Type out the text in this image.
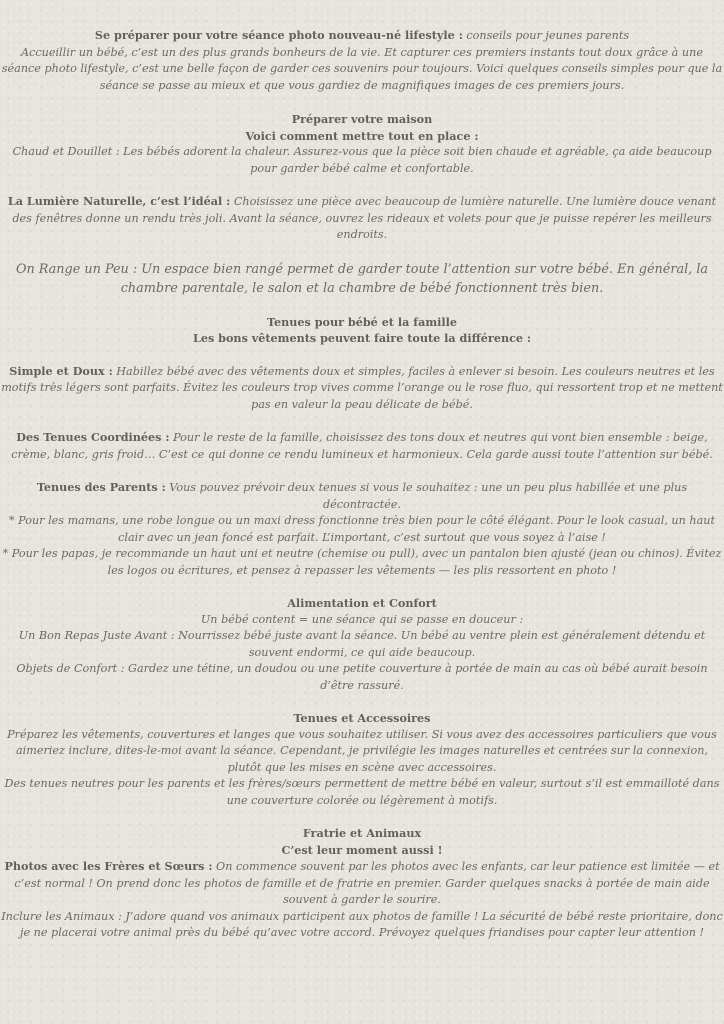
Se préparer pour votre séance photo nouveau-né lifestyle : conseils pour jeunes parents

Accueillir un bébé, c’est un des plus grands bonheurs de la vie. Et capturer ces premiers instants tout doux grâce à une séance photo lifestyle, c’est une belle façon de garder ces souvenirs pour toujours. Voici quelques conseils simples pour que la séance se passe au mieux et que vous gardiez de magnifiques images de ces premiers jours.

Préparer votre maison

Voici comment mettre tout en place :

Chaud et Douillet : Les bébés adorent la chaleur. Assurez-vous que la pièce soit bien chaude et agréable, ça aide beaucoup pour garder bébé calme et confortable.

La Lumière Naturelle, c’est l’idéal : Choisissez une pièce avec beaucoup de lumière naturelle. Une lumière douce venant des fenêtres donne un rendu très joli. Avant la séance, ouvrez les rideaux et volets pour que je puisse repérer les meilleurs endroits.

On Range un Peu : Un espace bien rangé permet de garder toute l’attention sur votre bébé. En général, la chambre parentale, le salon et la chambre de bébé fonctionnent très bien.

Tenues pour bébé et la famille

Les bons vêtements peuvent faire toute la différence :

Simple et Doux : Habillez bébé avec des vêtements doux et simples, faciles à enlever si besoin. Les couleurs neutres et les motifs très légers sont parfaits. Évitez les couleurs trop vives comme l’orange ou le rose fluo, qui ressortent trop et ne mettent pas en valeur la peau délicate de bébé.

Des Tenues Coordinées : Pour le reste de la famille, choisissez des tons doux et neutres qui vont bien ensemble : beige, crème, blanc, gris froid… C’est ce qui donne ce rendu lumineux et harmonieux. Cela garde aussi toute l’attention sur bébé.

Tenues des Parents : Vous pouvez prévoir deux tenues si vous le souhaitez : une un peu plus habillée et une plus décontractée.

* Pour les mamans, une robe longue ou un maxi dress fonctionne très bien pour le côté élégant. Pour le look casual, un haut clair avec un jean foncé est parfait. L’important, c’est surtout que vous soyez à l’aise !

* Pour les papas, je recommande un haut uni et neutre (chemise ou pull), avec un pantalon bien ajusté (jean ou chinos). Évitez les logos ou écritures, et pensez à repasser les vêtements — les plis ressortent en photo !

Alimentation et Confort

Un bébé content = une séance qui se passe en douceur :

Un Bon Repas Juste Avant : Nourrissez bébé juste avant la séance. Un bébé au ventre plein est généralement détendu et souvent endormi, ce qui aide beaucoup.

Objets de Confort : Gardez une tétine, un doudou ou une petite couverture à portée de main au cas où bébé aurait besoin d’être rassuré.

Tenues et Accessoires

Préparez les vêtements, couvertures et langes que vous souhaitez utiliser. Si vous avez des accessoires particuliers que vous aimeriez inclure, dites-le-moi avant la séance. Cependant, je privilégie les images naturelles et centrées sur la connexion, plutôt que les mises en scène avec accessoires.

Des tenues neutres pour les parents et les frères/sœurs permettent de mettre bébé en valeur, surtout s’il est emmailloté dans une couverture colorée ou légèrement à motifs.

Fratrie et Animaux

C’est leur moment aussi !

Photos avec les Frères et Sœurs : On commence souvent par les photos avec les enfants, car leur patience est limitée — et c’est normal ! On prend donc les photos de famille et de fratrie en premier. Garder quelques snacks à portée de main aide souvent à garder le sourire.

Inclure les Animaux : J’adore quand vos animaux participent aux photos de famille ! La sécurité de bébé reste prioritaire, donc je ne placerai votre animal près du bébé qu’avec votre accord. Prévoyez quelques friandises pour capter leur attention !
